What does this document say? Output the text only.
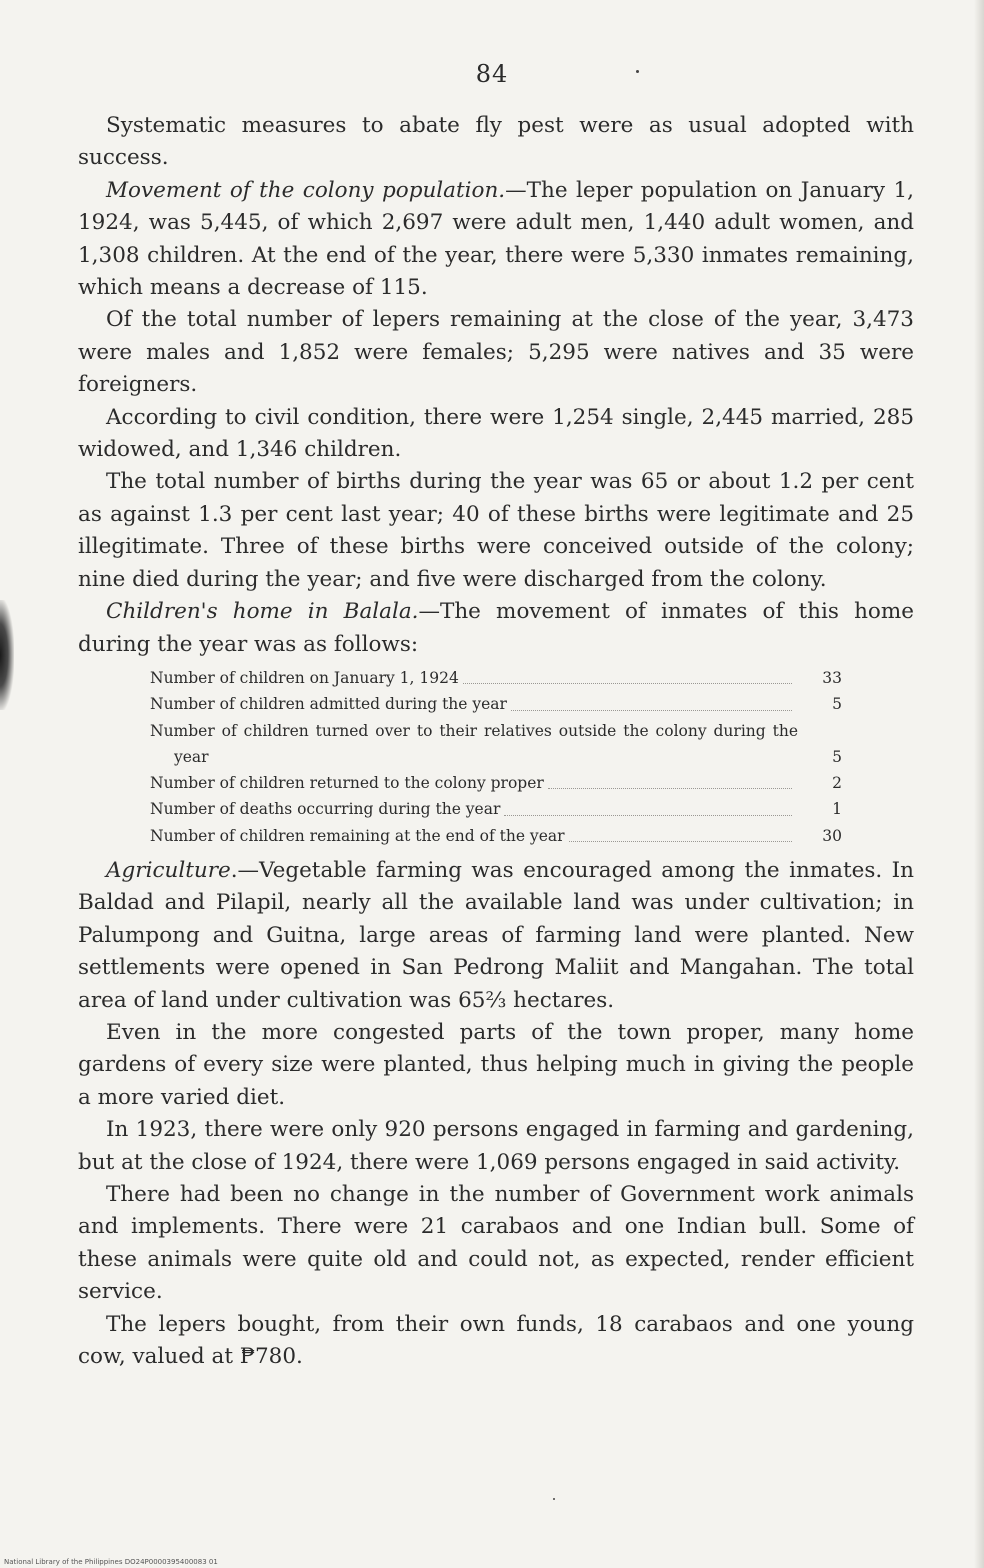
84

Systematic measures to abate fly pest were as usual adopted with success.

Movement of the colony population.—The leper population on January 1, 1924, was 5,445, of which 2,697 were adult men, 1,440 adult women, and 1,308 children. At the end of the year, there were 5,330 inmates remaining, which means a decrease of 115.

Of the total number of lepers remaining at the close of the year, 3,473 were males and 1,852 were females; 5,295 were natives and 35 were foreigners.

According to civil condition, there were 1,254 single, 2,445 married, 285 widowed, and 1,346 children.

The total number of births during the year was 65 or about 1.2 per cent as against 1.3 per cent last year; 40 of these births were legitimate and 25 illegitimate. Three of these births were conceived outside of the colony; nine died during the year; and five were discharged from the colony.

Children's home in Balala.—The movement of inmates of this home during the year was as follows:

Number of children on January 1, 1924	33
Number of children admitted during the year	5
Number of children turned over to their relatives outside the colony during the year	5
Number of children returned to the colony proper	2
Number of deaths occurring during the year	1
Number of children remaining at the end of the year	30

Agriculture.—Vegetable farming was encouraged among the inmates. In Baldad and Pilapil, nearly all the available land was under cultivation; in Palumpong and Guitna, large areas of farming land were planted. New settlements were opened in San Pedrong Maliit and Mangahan. The total area of land under cultivation was 65⅔ hectares.

Even in the more congested parts of the town proper, many home gardens of every size were planted, thus helping much in giving the people a more varied diet.

In 1923, there were only 920 persons engaged in farming and gardening, but at the close of 1924, there were 1,069 persons engaged in said activity.

There had been no change in the number of Government work animals and implements. There were 21 carabaos and one Indian bull. Some of these animals were quite old and could not, as expected, render efficient service.

The lepers bought, from their own funds, 18 carabaos and one young cow, valued at ₱780.

National Library of the Philippines DO24P0000395400083 01
